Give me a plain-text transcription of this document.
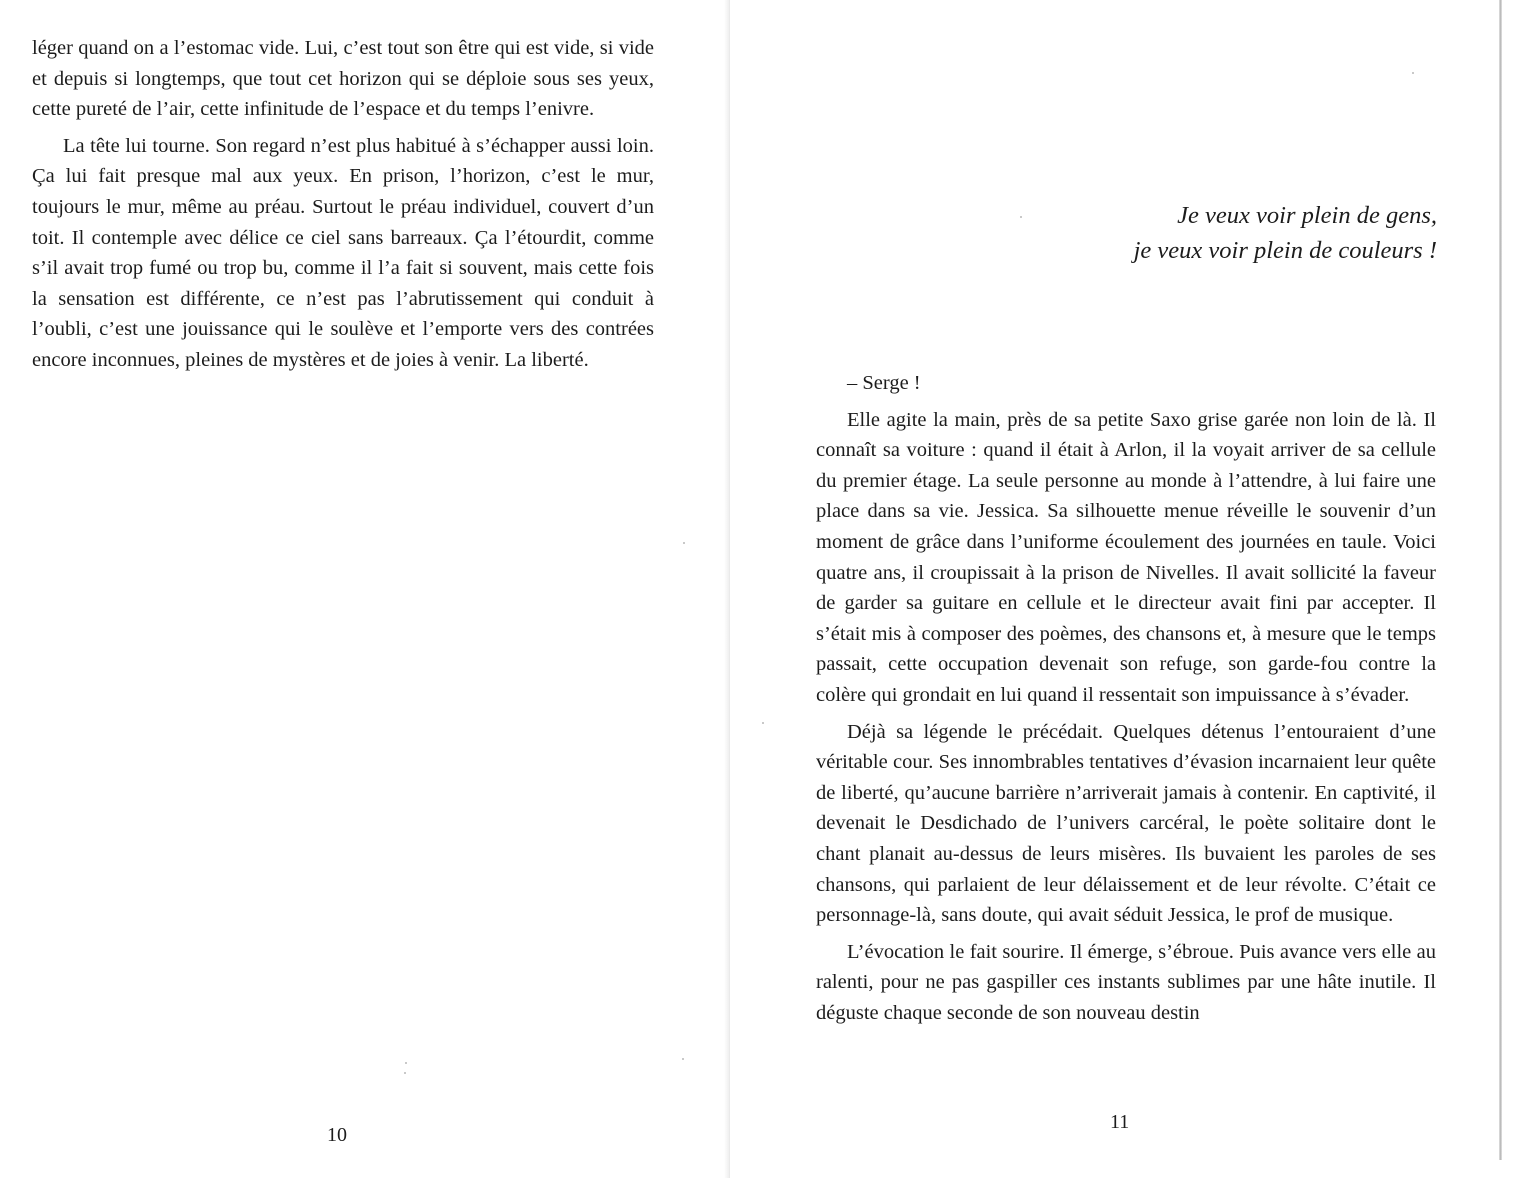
léger quand on a l’estomac vide. Lui, c’est tout son être qui est vide, si vide et depuis si longtemps, que tout cet horizon qui se déploie sous ses yeux, cette pureté de l’air, cette infinitude de l’espace et du temps l’enivre.

La tête lui tourne. Son regard n’est plus habitué à s’échapper aussi loin. Ça lui fait presque mal aux yeux. En prison, l’horizon, c’est le mur, toujours le mur, même au préau. Surtout le préau individuel, couvert d’un toit. Il contemple avec délice ce ciel sans barreaux. Ça l’étourdit, comme s’il avait trop fumé ou trop bu, comme il l’a fait si souvent, mais cette fois la sensation est différente, ce n’est pas l’abrutissement qui conduit à l’oubli, c’est une jouissance qui le soulève et l’emporte vers des contrées encore inconnues, pleines de mystères et de joies à venir. La liberté.

10
Je veux voir plein de gens,
je veux voir plein de couleurs !

– Serge !

Elle agite la main, près de sa petite Saxo grise garée non loin de là. Il connaît sa voiture : quand il était à Arlon, il la voyait arriver de sa cellule du premier étage. La seule personne au monde à l’attendre, à lui faire une place dans sa vie. Jessica. Sa silhouette menue réveille le souvenir d’un moment de grâce dans l’uniforme écoulement des journées en taule. Voici quatre ans, il croupissait à la prison de Nivelles. Il avait sollicité la faveur de garder sa guitare en cellule et le directeur avait fini par accepter. Il s’était mis à composer des poèmes, des chansons et, à mesure que le temps passait, cette occupation devenait son refuge, son garde-fou contre la colère qui grondait en lui quand il ressentait son impuissance à s’évader.

Déjà sa légende le précédait. Quelques détenus l’entouraient d’une véritable cour. Ses innombrables tentatives d’évasion incarnaient leur quête de liberté, qu’aucune barrière n’arriverait jamais à contenir. En captivité, il devenait le Desdichado de l’univers carcéral, le poète solitaire dont le chant planait au-dessus de leurs misères. Ils buvaient les paroles de ses chansons, qui parlaient de leur délaissement et de leur révolte. C’était ce personnage-là, sans doute, qui avait séduit Jessica, le prof de musique.

L’évocation le fait sourire. Il émerge, s’ébroue. Puis avance vers elle au ralenti, pour ne pas gaspiller ces instants sublimes par une hâte inutile. Il déguste chaque seconde de son nouveau destin

11
